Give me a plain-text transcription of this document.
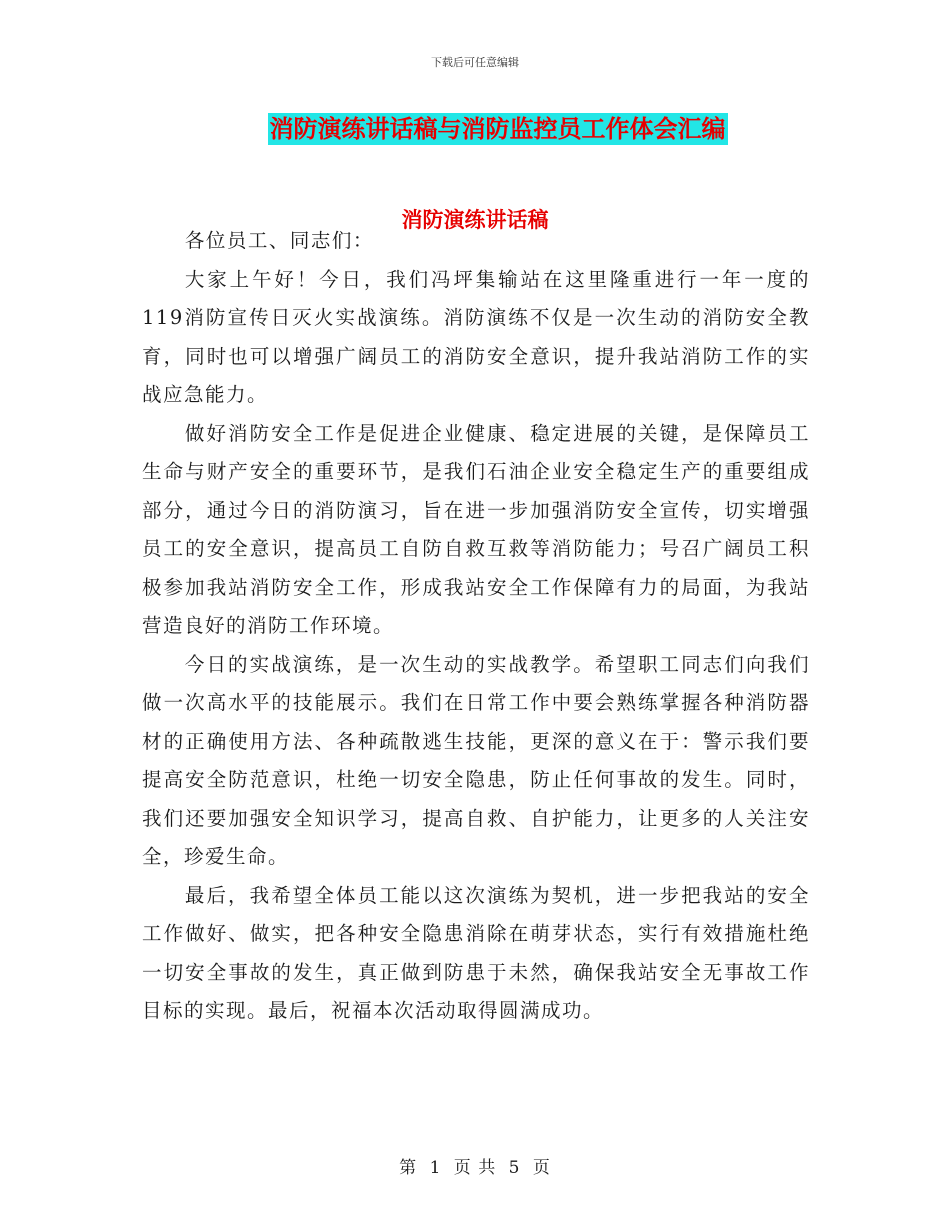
下载后可任意编辑
消防演练讲话稿与消防监控员工作体会汇编
消防演练讲话稿

各位员工、同志们：

大家上午好！今日，我们冯坪集输站在这里隆重进行一年一度的119消防宣传日灭火实战演练。消防演练不仅是一次生动的消防安全教育，同时也可以增强广阔员工的消防安全意识，提升我站消防工作的实战应急能力。

做好消防安全工作是促进企业健康、稳定进展的关键，是保障员工生命与财产安全的重要环节，是我们石油企业安全稳定生产的重要组成部分，通过今日的消防演习，旨在进一步加强消防安全宣传，切实增强员工的安全意识，提高员工自防自救互救等消防能力；号召广阔员工积极参加我站消防安全工作，形成我站安全工作保障有力的局面，为我站营造良好的消防工作环境。

今日的实战演练，是一次生动的实战教学。希望职工同志们向我们做一次高水平的技能展示。我们在日常工作中要会熟练掌握各种消防器材的正确使用方法、各种疏散逃生技能，更深的意义在于：警示我们要提高安全防范意识，杜绝一切安全隐患，防止任何事故的发生。同时，我们还要加强安全知识学习，提高自救、自护能力，让更多的人关注安全，珍爱生命。

最后，我希望全体员工能以这次演练为契机，进一步把我站的安全工作做好、做实，把各种安全隐患消除在萌芽状态，实行有效措施杜绝一切安全事故的发生，真正做到防患于未然，确保我站安全无事故工作目标的实现。最后，祝福本次活动取得圆满成功。

第 1 页 共 5 页
